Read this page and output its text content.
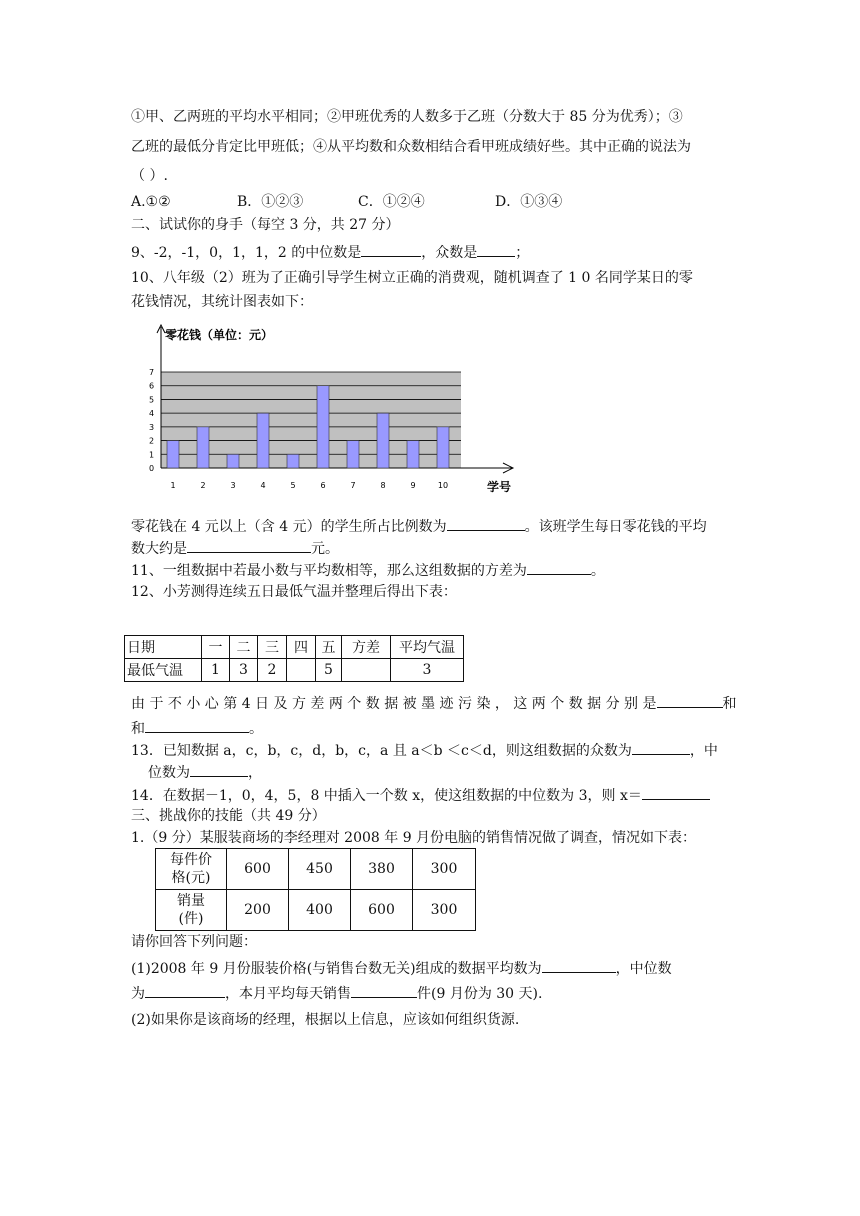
①甲、乙两班的平均水平相同；②甲班优秀的人数多于乙班（分数大于 85 分为优秀）；③
乙班的最低分肯定比甲班低；④从平均数和众数相结合看甲班成绩好些。其中正确的说法为
（ ）.
A.①②	B．①②③	C．①②④	D．①③④
二、试试你的身手（每空 3 分，共 27 分）
9、-2，-1，0，1，1，2 的中位数是	，众数是	；
10、八年级（2）班为了正确引导学生树立正确的消费观，随机调查了 1 0 名同学某日的零
花钱情况，其统计图表如下：
0
1
2
3
4
5
6
7
零花钱（单位：元）
学号
1	2	3	4	5	6	7	8	9	10
零花钱在 4 元以上（含 4 元）的学生所占比例数为	。该班学生每日零花钱的平均
数大约是	元。
11、一组数据中若最小数与平均数相等，那么这组数据的方差为	。
12、小芳测得连续五日最低气温并整理后得出下表：
日期	一	二	三	四	五	方差	平均气温
最低气温	1	3	2		5		3
由 于 不 小 心 第 4 日 及 方 差 两 个 数 据 被 墨 迹 污 染 ， 这 两 个 数 据 分 别 是	和
和	。
13．已知数据 a，c，b，c，d，b，c，a 且 a＜b ＜c＜d，则这组数据的众数为	，中
位数为	，
14．在数据－1，0，4，5，8 中插入一个数 x，使这组数据的中位数为 3，则 x＝
三、挑战你的技能（共 49 分）
1.（9 分）某服装商场的李经理对 2008 年 9 月份电脑的销售情况做了调查，情况如下表：
每件价
格(元)	600	450	380	300
销量
(件)	200	400	600	300
请你回答下列问题：
(1)2008 年 9 月份服装价格(与销售台数无关)组成的数据平均数为	，中位数
为	，本月平均每天销售	件(9 月份为 30 天).
(2)如果你是该商场的经理，根据以上信息，应该如何组织货源.
